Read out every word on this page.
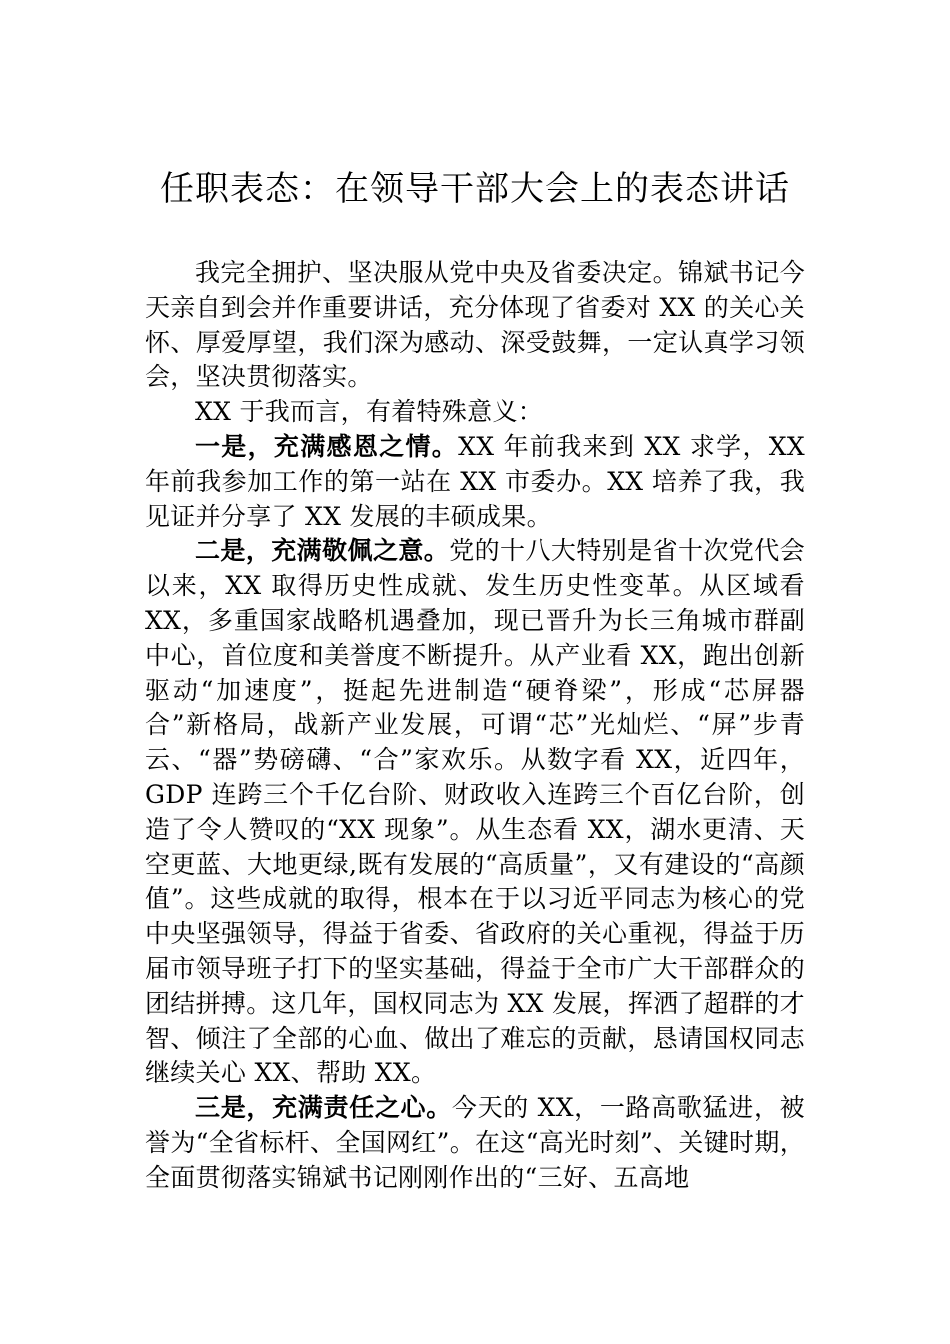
任职表态：在领导干部大会上的表态讲话

我完全拥护、坚决服从党中央及省委决定。锦斌书记今天亲自到会并作重要讲话，充分体现了省委对 XX 的关心关怀、厚爱厚望，我们深为感动、深受鼓舞，一定认真学习领会，坚决贯彻落实。

XX 于我而言，有着特殊意义：

一是，充满感恩之情。XX 年前我来到 XX 求学，XX 年前我参加工作的第一站在 XX 市委办。XX 培养了我，我见证并分享了 XX 发展的丰硕成果。

二是，充满敬佩之意。党的十八大特别是省十次党代会以来，XX 取得历史性成就、发生历史性变革。从区域看 XX，多重国家战略机遇叠加，现已晋升为长三角城市群副中心，首位度和美誉度不断提升。从产业看 XX，跑出创新驱动“加速度”，挺起先进制造“硬脊梁”，形成“芯屏器合”新格局，战新产业发展，可谓“芯”光灿烂、“屏”步青云、“器”势磅礴、“合”家欢乐。从数字看 XX，近四年，GDP 连跨三个千亿台阶、财政收入连跨三个百亿台阶，创造了令人赞叹的“XX 现象”。从生态看 XX，湖水更清、天空更蓝、大地更绿,既有发展的“高质量”，又有建设的“高颜值”。这些成就的取得，根本在于以习近平同志为核心的党中央坚强领导，得益于省委、省政府的关心重视，得益于历届市领导班子打下的坚实基础，得益于全市广大干部群众的团结拼搏。这几年，国权同志为 XX 发展，挥洒了超群的才智、倾注了全部的心血、做出了难忘的贡献，恳请国权同志继续关心 XX、帮助 XX。

三是，充满责任之心。今天的 XX，一路高歌猛进，被誉为“全省标杆、全国网红”。在这“高光时刻”、关键时期，全面贯彻落实锦斌书记刚刚作出的“三好、五高地
